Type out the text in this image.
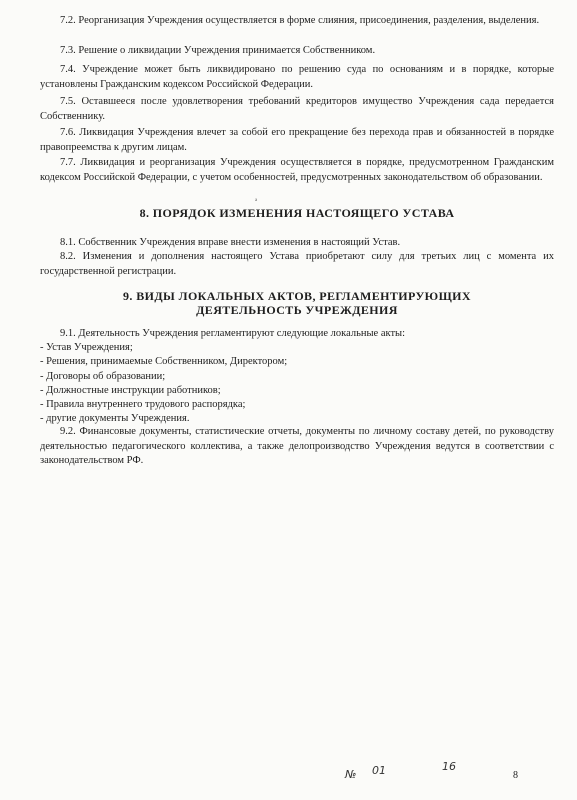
7.2. Реорганизация Учреждения осуществляется в форме слияния, присоединения, разделения, выделения.

7.3. Решение о ликвидации Учреждения принимается Собственником.

7.4. Учреждение может быть ликвидировано по решению суда по основаниям и в порядке, которые установлены Гражданским кодексом Российской Федерации.

7.5. Оставшееся после удовлетворения требований кредиторов имущество Учреждения сада передается Собственнику.

7.6. Ликвидация Учреждения влечет за собой его прекращение без перехода прав и обязанностей в порядке правопреемства к другим лицам.

7.7. Ликвидация и реорганизация Учреждения осуществляется в порядке, предусмотренном Гражданским кодексом Российской Федерации, с учетом особенностей, предусмотренных законодательством об образовании.

ᵃ
8. ПОРЯДОК ИЗМЕНЕНИЯ НАСТОЯЩЕГО УСТАВА

8.1. Собственник Учреждения вправе внести изменения в настоящий Устав.

8.2. Изменения и дополнения настоящего Устава приобретают силу для третьих лиц с момента их государственной регистрации.

9. ВИДЫ ЛОКАЛЬНЫХ АКТОВ, РЕГЛАМЕНТИРУЮЩИХ
ДЕЯТЕЛЬНОСТЬ УЧРЕЖДЕНИЯ

9.1. Деятельность Учреждения регламентируют следующие локальные акты:

- Устав Учреждения;
- Решения, принимаемые Собственником, Директором;
- Договоры об образовании;
- Должностные инструкции работников;
- Правила внутреннего трудового распорядка;
- другие документы Учреждения.

9.2. Финансовые документы, статистические отчеты, документы по личному составу детей, по руководству деятельностью педагогического коллектива, а также делопроизводство Учреждения ведутся в соответствии с законодательством РФ.

№ 01	16
8
